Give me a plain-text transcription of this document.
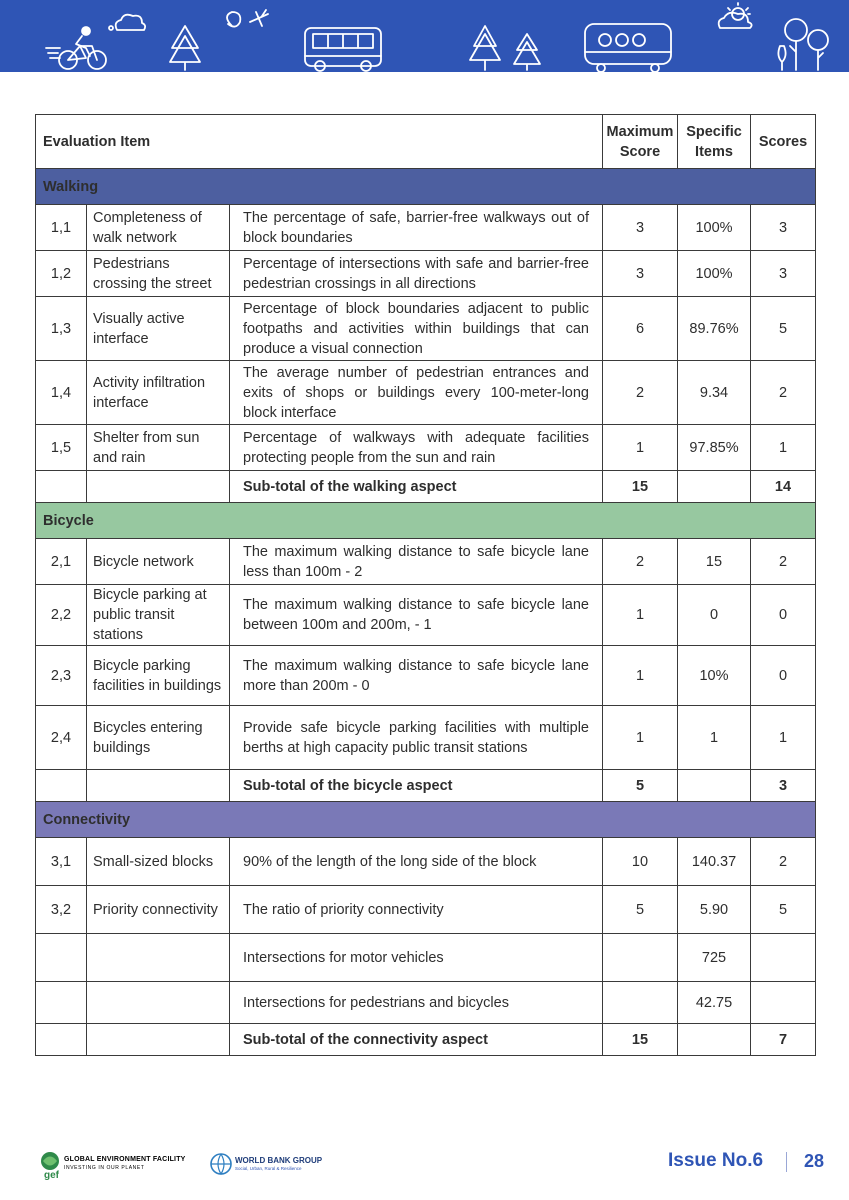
Evaluation Item			Maximum Score	Specific Items	Scores
Walking					
1,1	Completeness of walk network	The percentage of safe, barrier-free walkways out of block boundaries	3	100%	3
1,2	Pedestrians crossing the street	Percentage of intersections with safe and barrier-free pedestrian crossings in all directions	3	100%	3
1,3	Visually active interface	Percentage of block boundaries adjacent to public footpaths and activities within buildings that can produce a visual connection	6	89.76%	5
1,4	Activity infiltration interface	The average number of pedestrian entrances and exits of shops or buildings every 100-meter-long block interface	2	9.34	2
1,5	Shelter from sun and rain	Percentage of walkways with adequate facilities protecting people from the sun and rain	1	97.85%	1
		Sub-total of the walking aspect	15		14
Bicycle					
2,1	Bicycle network	The maximum walking distance to safe bicycle lane less than 100m - 2	2	15	2
2,2	Bicycle parking at public transit stations	The maximum walking distance to safe bicycle lane between 100m and 200m, - 1	1	0	0
2,3	Bicycle parking facilities in buildings	The maximum walking distance to safe bicycle lane more than 200m - 0	1	10%	0
2,4	Bicycles entering buildings	Provide safe bicycle parking facilities with multiple berths at high capacity public transit stations	1	1	1
		Sub-total of the bicycle aspect	5		3
Connectivity					
3,1	Small-sized blocks	90% of the length of the long side of the block	10	140.37	2
3,2	Priority connectivity	The ratio of priority connectivity	5	5.90	5
		Intersections for motor vehicles		725	
		Intersections for pedestrians and bicycles		42.75	
		Sub-total of the connectivity aspect	15		7
gef
GLOBAL ENVIRONMENT FACILITY
INVESTING IN OUR PLANET
WORLD BANK GROUP
Social, Urban, Rural & Resilience	Issue No.6 28
